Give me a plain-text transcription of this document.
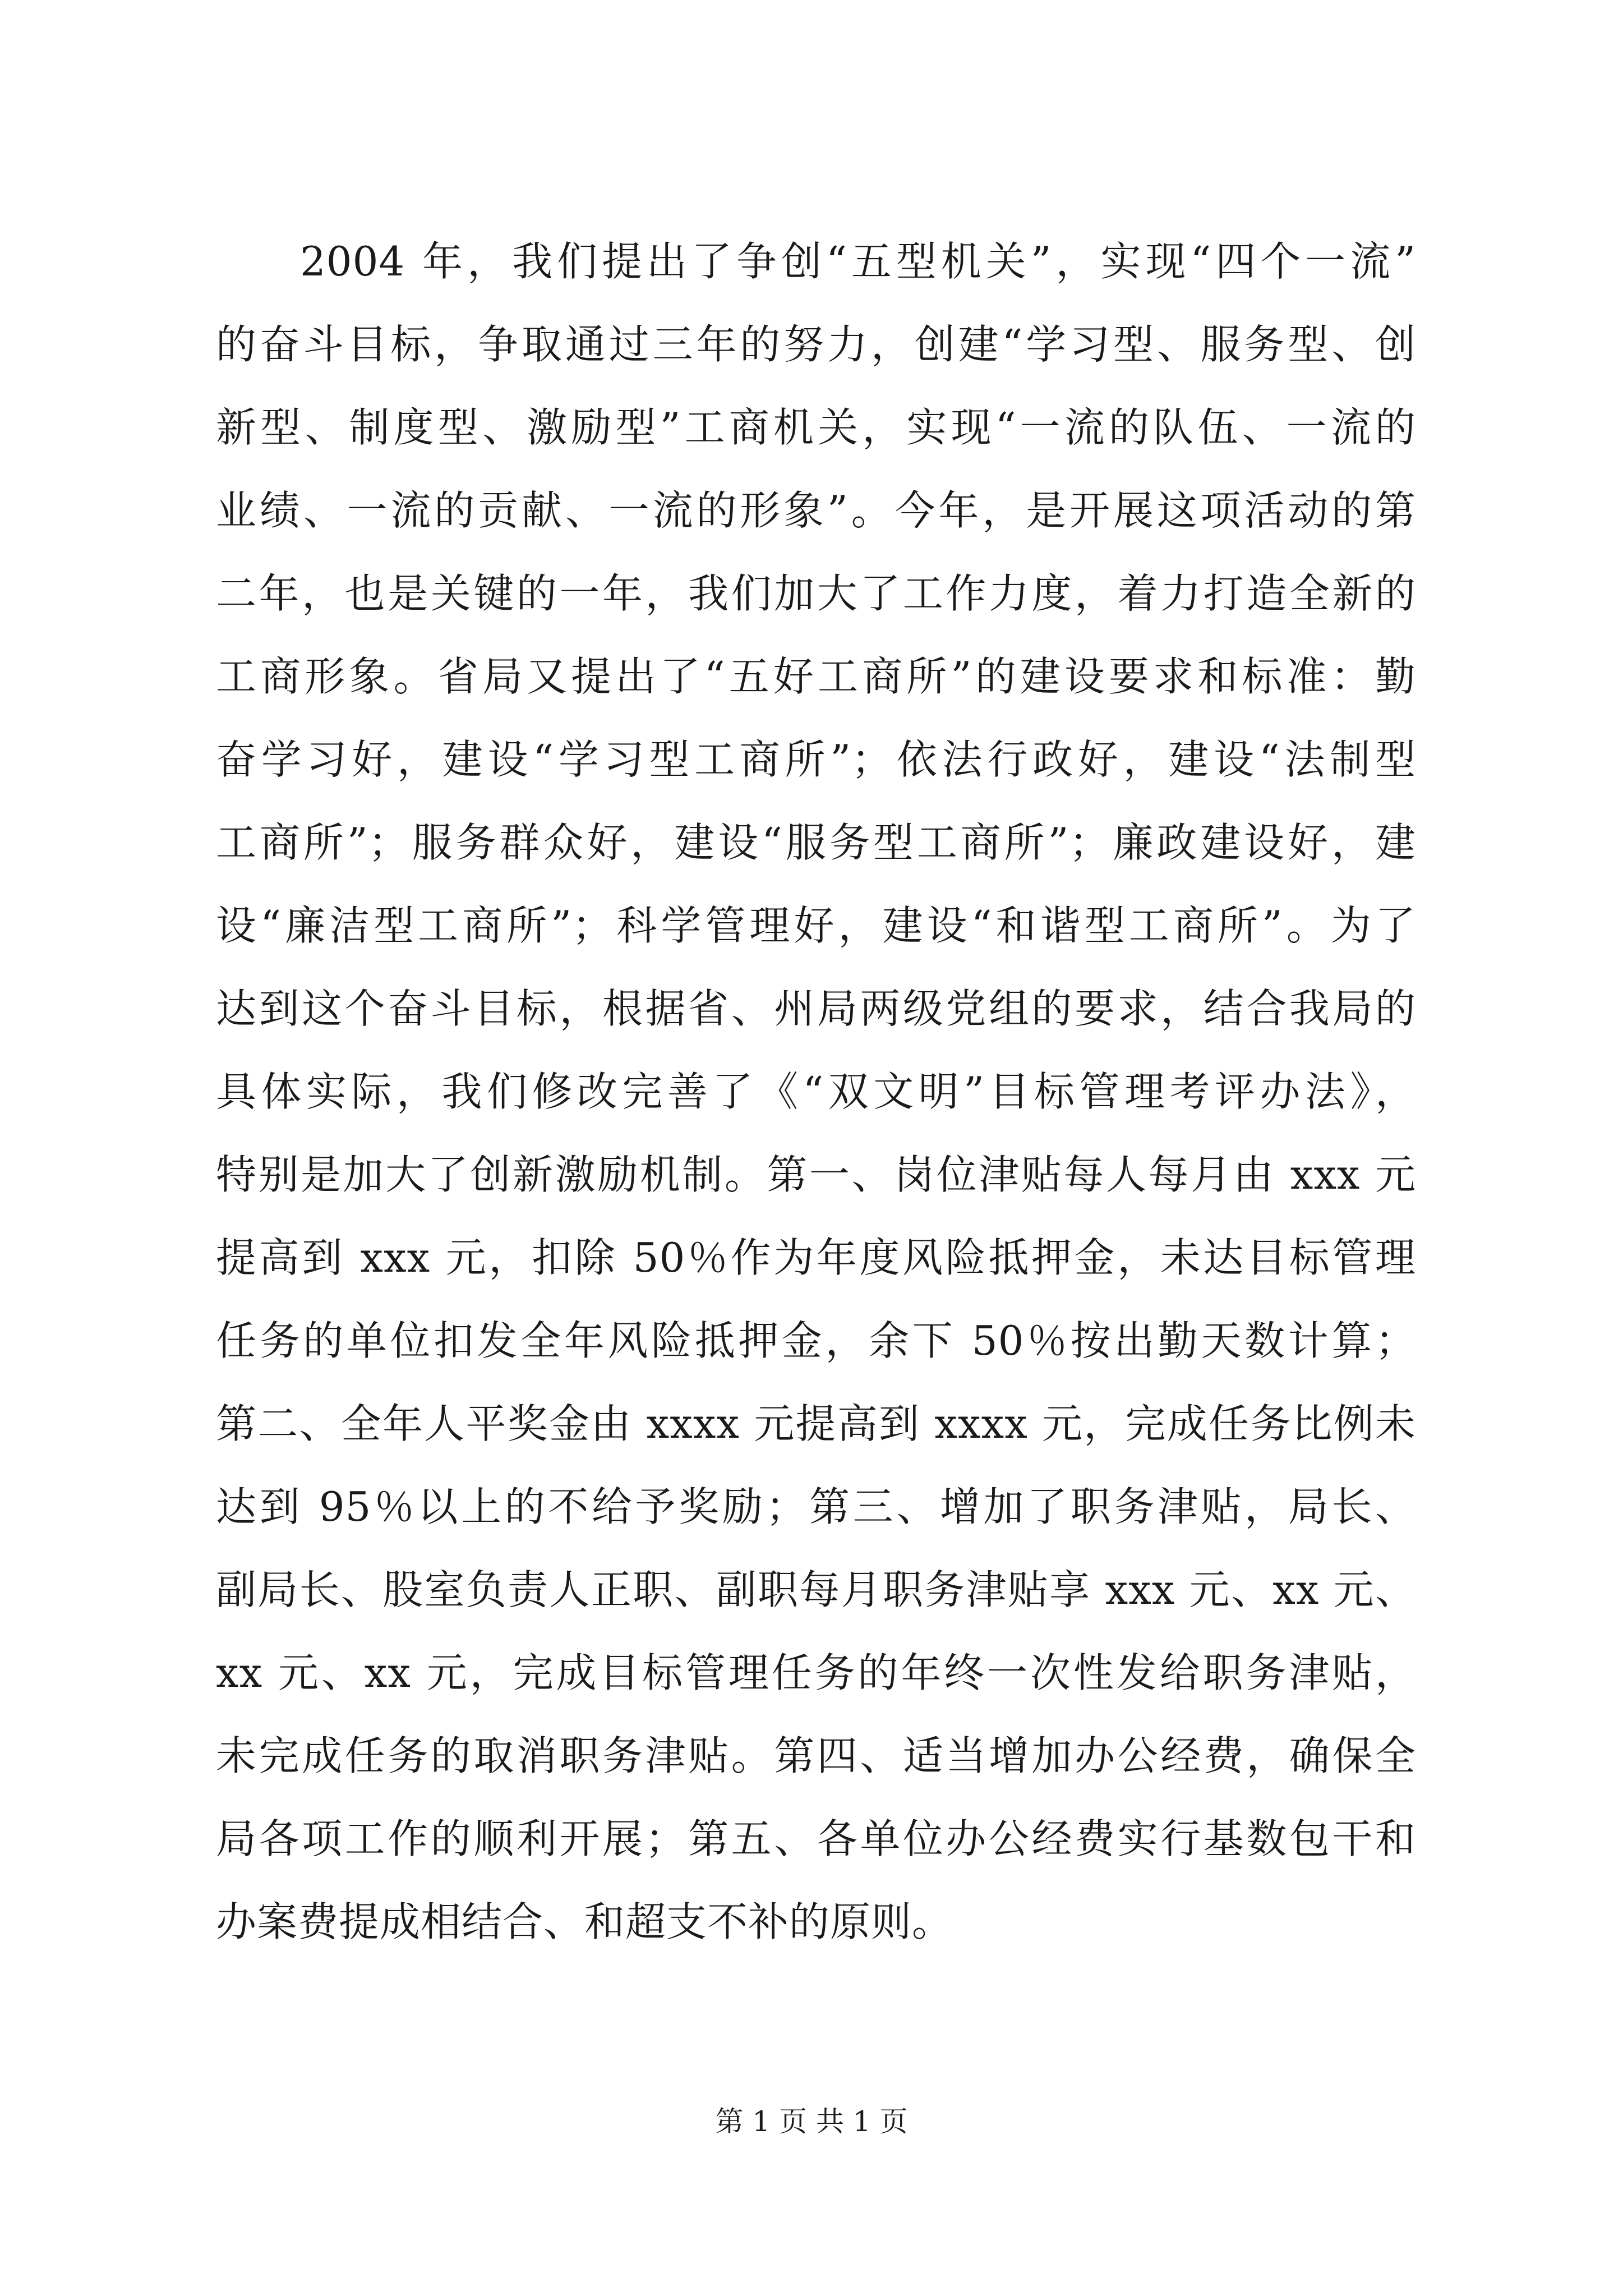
2004 年，我们提出了争创“五型机关”，实现“四个一流”
的奋斗目标，争取通过三年的努力，创建“学习型、服务型、创
新型、制度型、激励型”工商机关，实现“一流的队伍、一流的
业绩、一流的贡献、一流的形象”。今年，是开展这项活动的第
二年，也是关键的一年，我们加大了工作力度，着力打造全新的
工商形象。省局又提出了“五好工商所”的建设要求和标准：勤
奋学习好，建设“学习型工商所”；依法行政好，建设“法制型
工商所”；服务群众好，建设“服务型工商所”；廉政建设好，建
设“廉洁型工商所”；科学管理好，建设“和谐型工商所”。为了
达到这个奋斗目标，根据省、州局两级党组的要求，结合我局的
具体实际，我们修改完善了《“双文明”目标管理考评办法》，
特别是加大了创新激励机制。第一、岗位津贴每人每月由 xxx 元
提高到 xxx 元，扣除 50％作为年度风险抵押金，未达目标管理
任务的单位扣发全年风险抵押金，余下 50％按出勤天数计算；
第二、全年人平奖金由 xxxx 元提高到 xxxx 元，完成任务比例未
达到 95％以上的不给予奖励；第三、增加了职务津贴，局长、
副局长、股室负责人正职、副职每月职务津贴享 xxx 元、xx 元、
xx 元、xx 元，完成目标管理任务的年终一次性发给职务津贴，
未完成任务的取消职务津贴。第四、适当增加办公经费，确保全
局各项工作的顺利开展；第五、各单位办公经费实行基数包干和
办案费提成相结合、和超支不补的原则。
第 1 页 共 1 页
